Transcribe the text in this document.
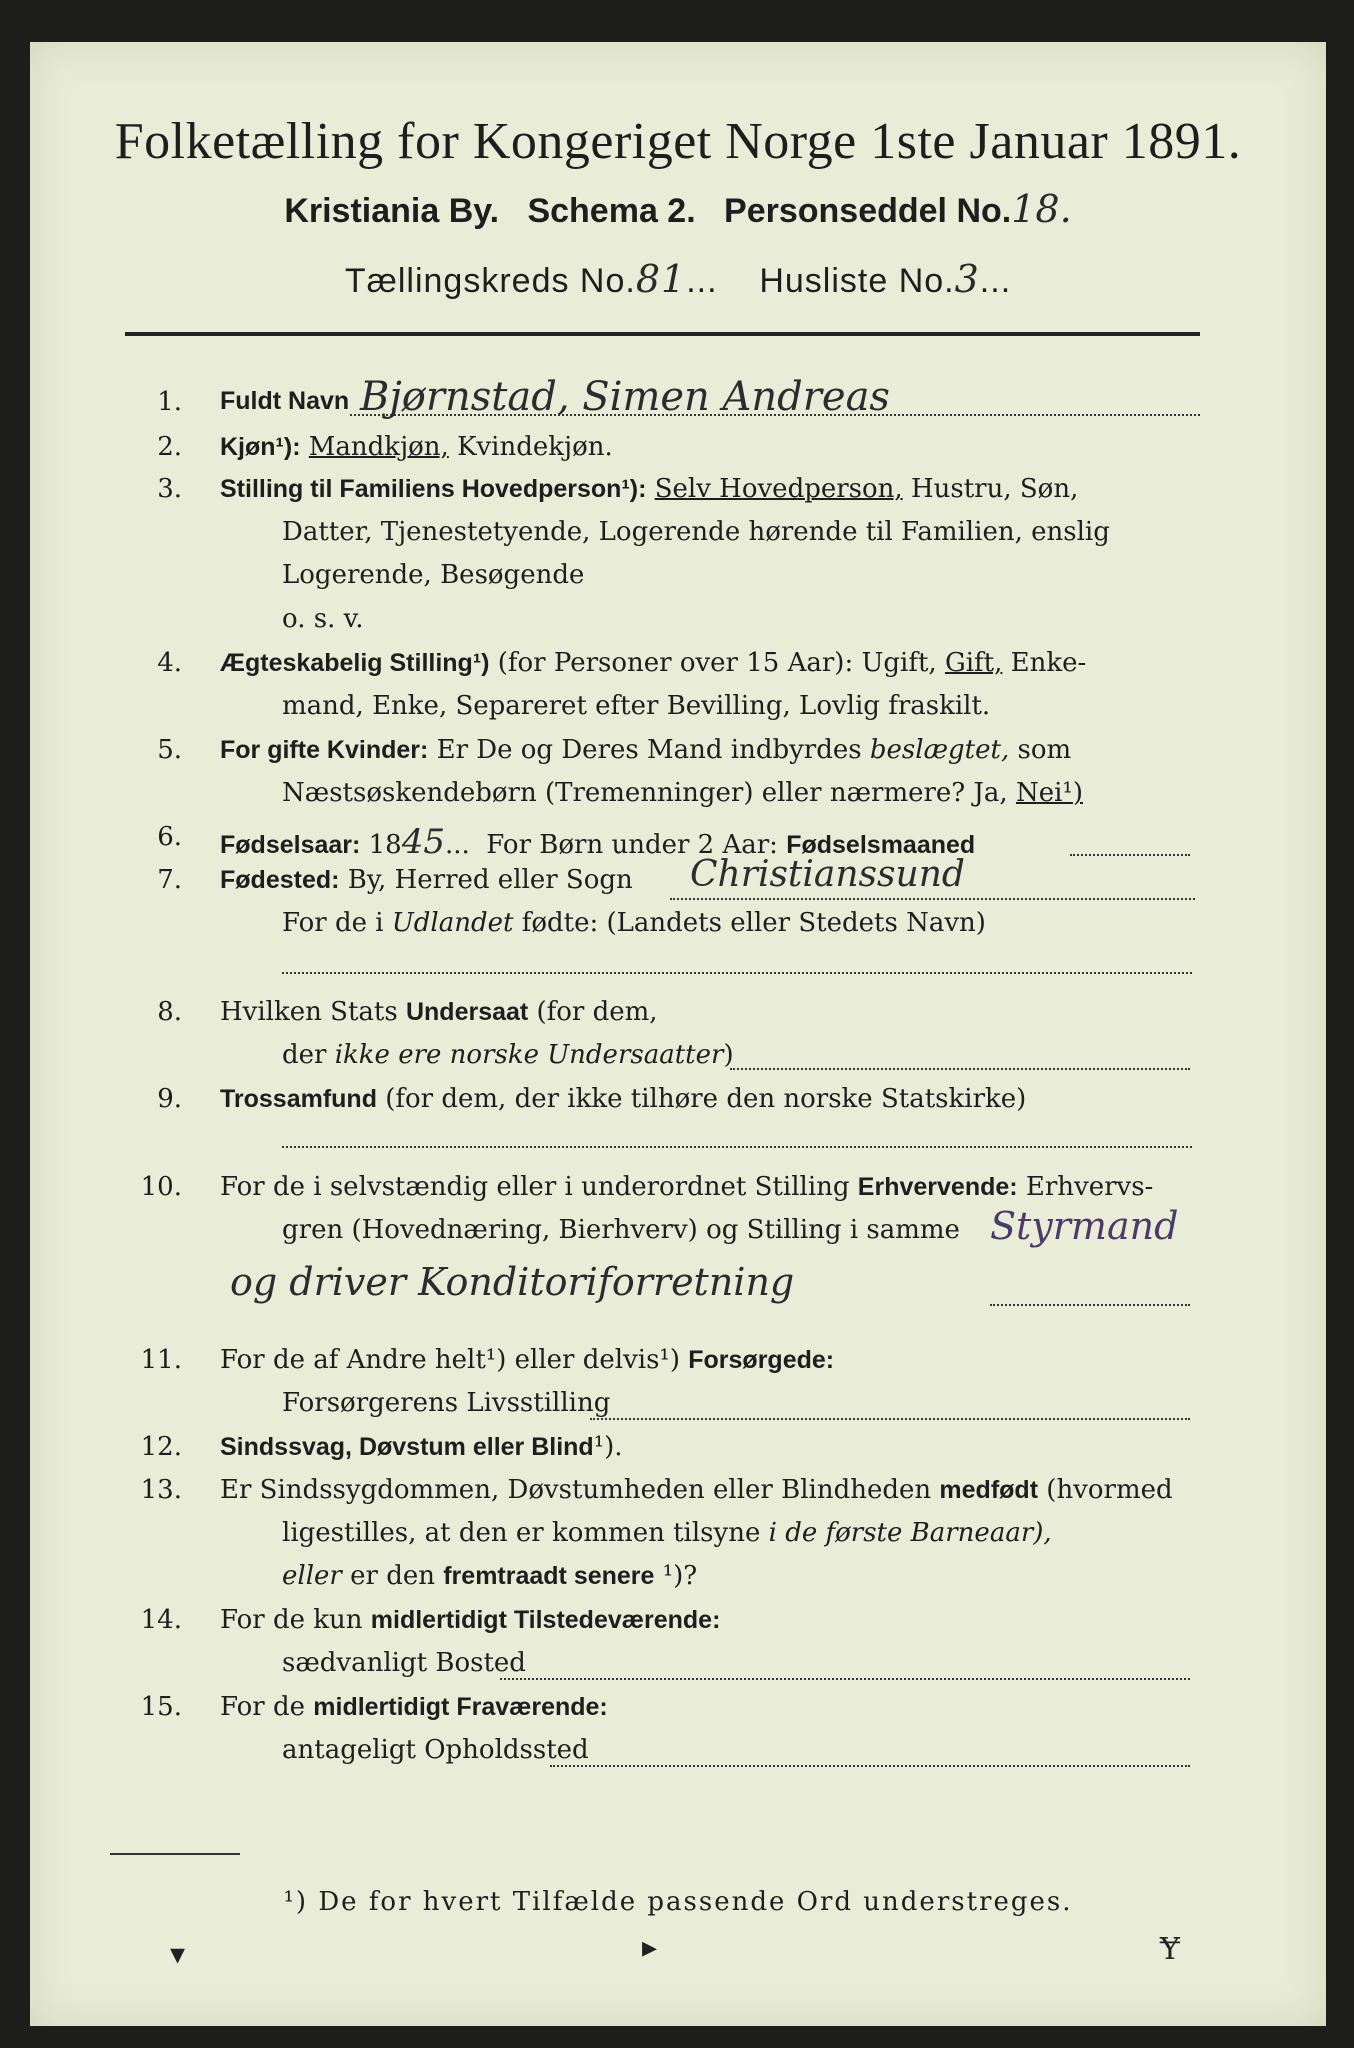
Folketælling for Kongeriget Norge 1ste Januar 1891.
Kristiania By. Schema 2. Personseddel No.18.
Tællingskreds No.81...    Husliste No.3...
1. Fuldt Navn Bjørnstad, Simen Andreas
2. Kjøn¹): Mandkjøn, Kvindekjøn.
3. Stilling til Familiens Hovedperson¹): Selv Hovedperson, Hustru, Søn,
Datter, Tjenestetyende, Logerende hørende til Familien, enslig
Logerende, Besøgende
o. s. v.
4. Ægteskabelig Stilling¹) (for Personer over 15 Aar): Ugift, Gift, Enke-
mand, Enke, Separeret efter Bevilling, Lovlig fraskilt.
5. For gifte Kvinder: Er De og Deres Mand indbyrdes beslægtet, som
Næstsøskendebørn (Tremenninger) eller nærmere? Ja, Nei¹)
6. Fødselsaar: 1845...  For Børn under 2 Aar: Fødselsmaaned
7. Fødested: By, Herred eller Sogn Christianssund
For de i Udlandet fødte: (Landets eller Stedets Navn)
8. Hvilken Stats Undersaat (for dem,
der ikke ere norske Undersaatter)
9. Trossamfund (for dem, der ikke tilhøre den norske Statskirke)
10. For de i selvstændig eller i underordnet Stilling Erhvervende: Erhvervs-
gren (Hovednæring, Bierhverv) og Stilling i samme Styrmand
og driver Konditoriforretning
11. For de af Andre helt¹) eller delvis¹) Forsørgede:
Forsørgerens Livsstilling
12. Sindssvag, Døvstum eller Blind¹).
13. Er Sindssygdommen, Døvstumheden eller Blindheden medfødt (hvormed
ligestilles, at den er kommen tilsyne i de første Barneaar),
eller er den fremtraadt senere ¹)?
14. For de kun midlertidigt Tilstedeværende:
sædvanligt Bosted
15. For de midlertidigt Fraværende:
antageligt Opholdssted
¹) De for hvert Tilfælde passende Ord understreges.
▾	▸	Ɏ
